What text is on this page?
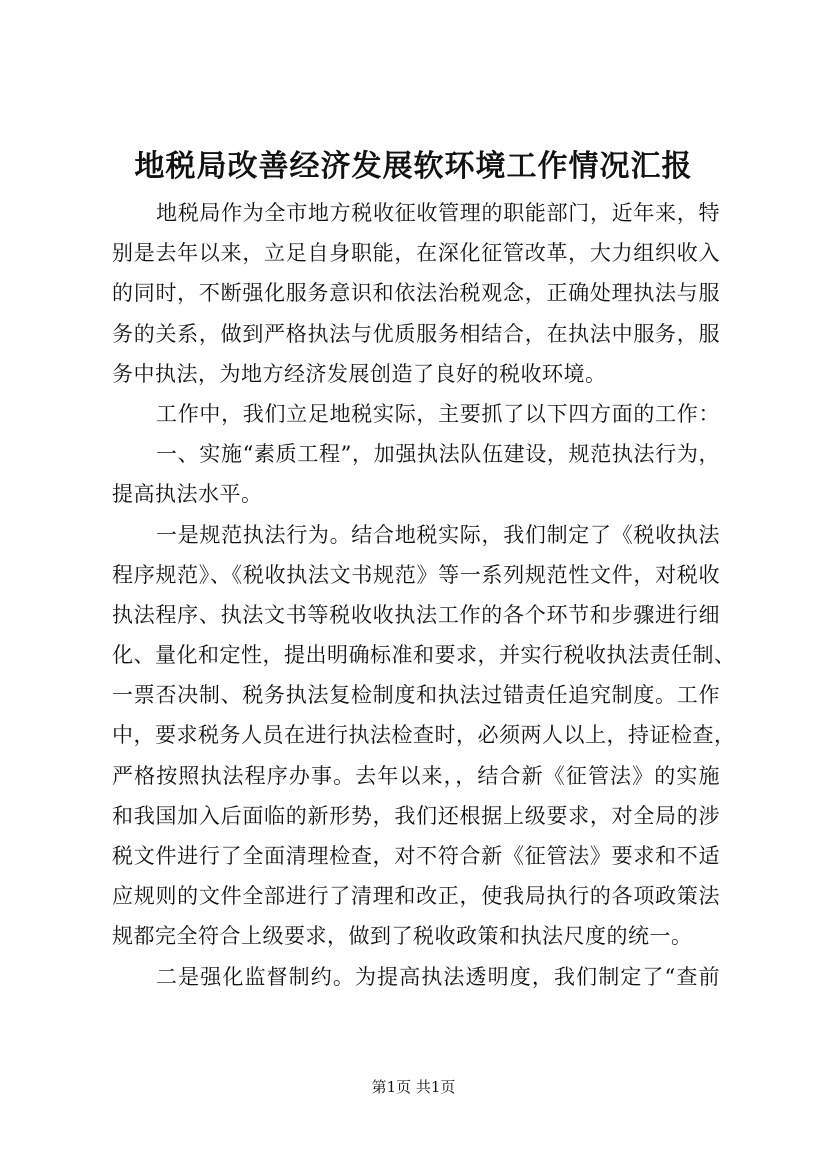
地税局改善经济发展软环境工作情况汇报
地税局作为全市地方税收征收管理的职能部门，近年来，特
别是去年以来，立足自身职能，在深化征管改革，大力组织收入
的同时，不断强化服务意识和依法治税观念，正确处理执法与服
务的关系，做到严格执法与优质服务相结合，在执法中服务，服
务中执法，为地方经济发展创造了良好的税收环境。
工作中，我们立足地税实际，主要抓了以下四方面的工作：
一、实施“素质工程”，加强执法队伍建设，规范执法行为，
提高执法水平。
一是规范执法行为。结合地税实际，我们制定了《税收执法
程序规范》、《税收执法文书规范》等一系列规范性文件，对税收
执法程序、执法文书等税收收执法工作的各个环节和步骤进行细
化、量化和定性，提出明确标准和要求，并实行税收执法责任制、
一票否决制、税务执法复检制度和执法过错责任追究制度。工作
中，要求税务人员在进行执法检查时，必须两人以上，持证检查，
严格按照执法程序办事。去年以来，，结合新《征管法》的实施
和我国加入后面临的新形势，我们还根据上级要求，对全局的涉
税文件进行了全面清理检查，对不符合新《征管法》要求和不适
应规则的文件全部进行了清理和改正，使我局执行的各项政策法
规都完全符合上级要求，做到了税收政策和执法尺度的统一。
二是强化监督制约。为提高执法透明度，我们制定了“查前
第1页 共1页
